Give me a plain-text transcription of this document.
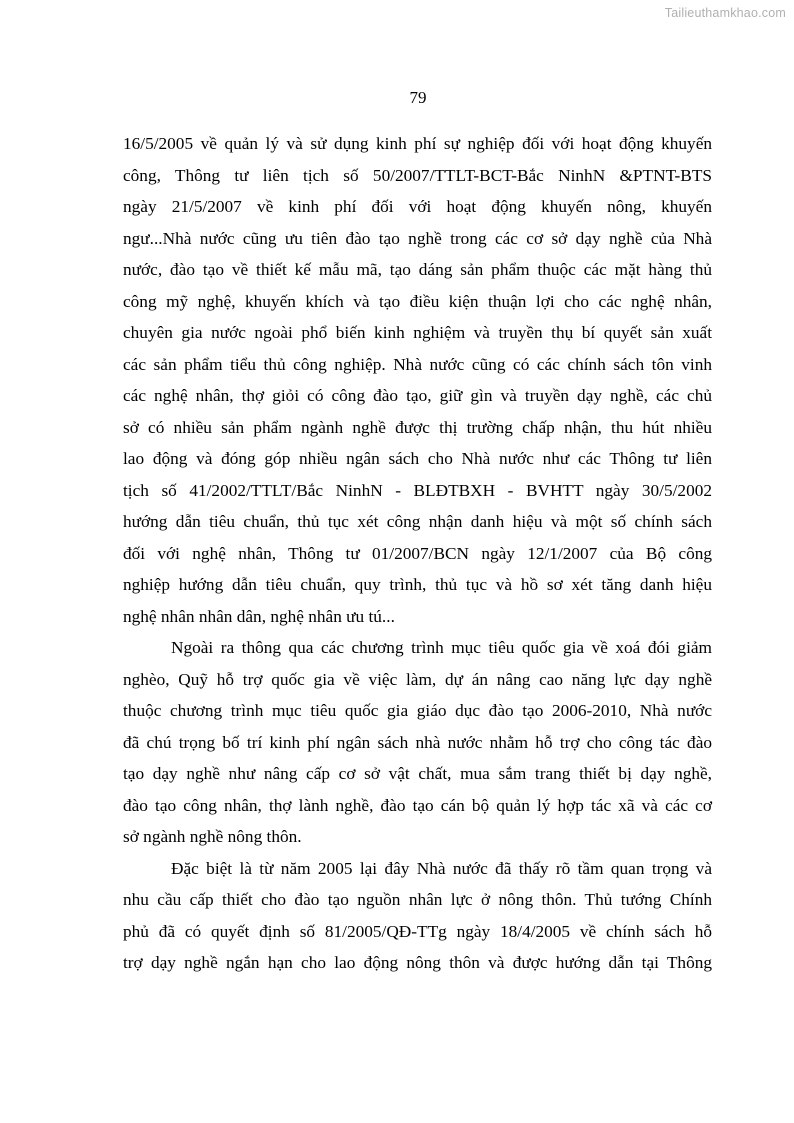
Tailieuthamkhao.com
79
16/5/2005 về quản lý và sử dụng kinh phí sự nghiệp đối với hoạt động khuyến
công, Thông tư liên tịch số 50/2007/TTLT-BCT-Bắc NinhN &PTNT-BTS
ngày 21/5/2007 về kinh phí đối với hoạt động khuyến nông, khuyến
ngư...Nhà nước cũng ưu tiên đào tạo nghề trong các cơ sở dạy nghề của Nhà
nước, đào tạo về thiết kế mẫu mã, tạo dáng sản phẩm thuộc các mặt hàng thủ
công mỹ nghệ, khuyến khích và tạo điều kiện thuận lợi cho các nghệ nhân,
chuyên gia nước ngoài phổ biến kinh nghiệm và truyền thụ bí quyết sản xuất
các sản phẩm tiểu thủ công nghiệp. Nhà nước cũng có các chính sách tôn vinh
các nghệ nhân, thợ giỏi có công đào tạo, giữ gìn và truyền dạy nghề, các chủ
sở có nhiều sản phẩm ngành nghề được thị trường chấp nhận, thu hút nhiều
lao động và đóng góp nhiều ngân sách cho Nhà nước như các Thông tư liên
tịch số 41/2002/TTLT/Bắc NinhN - BLĐTBXH - BVHTT ngày 30/5/2002
hướng dẫn tiêu chuẩn, thủ tục xét công nhận danh hiệu và một số chính sách
đối với nghệ nhân, Thông tư 01/2007/BCN ngày 12/1/2007 của Bộ công
nghiệp hướng dẫn tiêu chuẩn, quy trình, thủ tục và hồ sơ xét tăng danh hiệu
nghệ nhân nhân dân, nghệ nhân ưu tú...
Ngoài ra thông qua các chương trình mục tiêu quốc gia về xoá đói giảm
nghèo, Quỹ hỗ trợ quốc gia về việc làm, dự án nâng cao năng lực dạy nghề
thuộc chương trình mục tiêu quốc gia giáo dục đào tạo 2006-2010, Nhà nước
đã chú trọng bố trí kinh phí ngân sách nhà nước nhằm hỗ trợ cho công tác đào
tạo dạy nghề như nâng cấp cơ sở vật chất, mua sắm trang thiết bị dạy nghề,
đào tạo công nhân, thợ lành nghề, đào tạo cán bộ quản lý hợp tác xã và các cơ
sở ngành nghề nông thôn.
Đặc biệt là từ năm 2005 lại đây Nhà nước đã thấy rõ tầm quan trọng và
nhu cầu cấp thiết cho đào tạo nguồn nhân lực ở nông thôn. Thủ tướng Chính
phủ đã có quyết định số 81/2005/QĐ-TTg ngày 18/4/2005 về chính sách hỗ
trợ dạy nghề ngắn hạn cho lao động nông thôn và được hướng dẫn tại Thông
